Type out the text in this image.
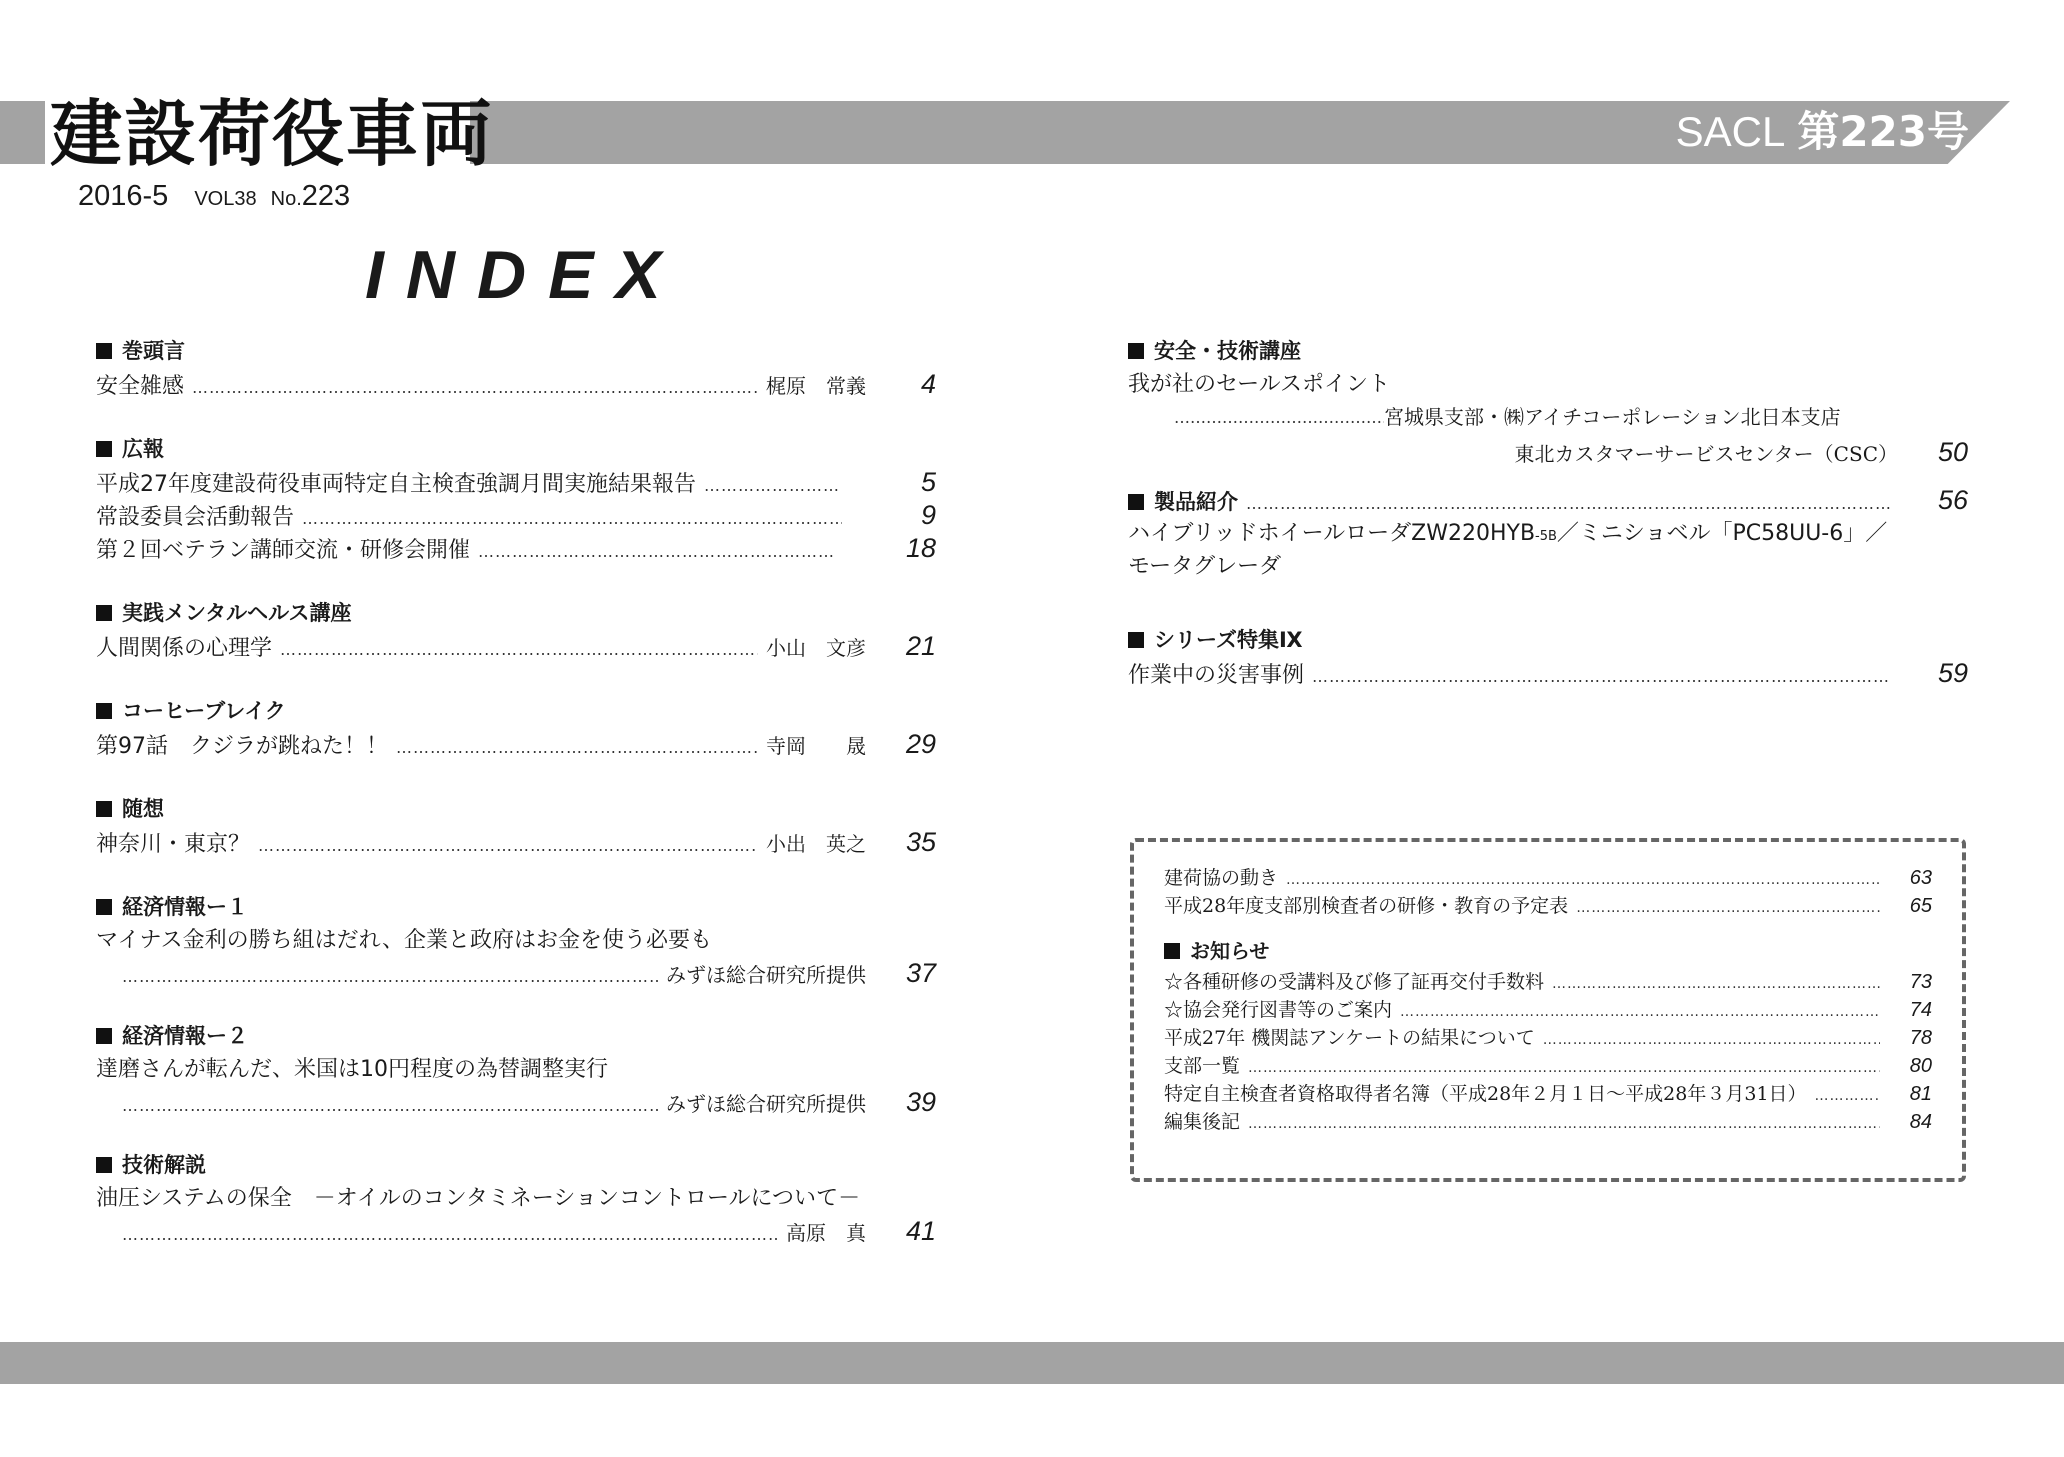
建設荷役車両	SACL 第223号
2016-5 VOL38 No.223
INDEX
巻頭言
安全雑感 …………………………………………………………………………………………………………………………………………………………………………………………………………………	梶原　常義	4
広報
平成27年度建設荷役車両特定自主検査強調月間実施結果報告 …………………………………………………………………………………………………………………………………………………………………………………………………………………	5
常設委員会活動報告 …………………………………………………………………………………………………………………………………………………………………………………………………………………	9
第２回ベテラン講師交流・研修会開催 …………………………………………………………………………………………………………………………………………………………………………………………………………………	18
実践メンタルヘルス講座
人間関係の心理学 …………………………………………………………………………………………………………………………………………………………………………………………………………………	小山　文彦	21
コーヒーブレイク
第97話　クジラが跳ねた！！ …………………………………………………………………………………………………………………………………………………………………………………………………………………	寺岡　　晟	29
随想
神奈川・東京？ …………………………………………………………………………………………………………………………………………………………………………………………………………………	小出　英之	35
経済情報ー１
マイナス金利の勝ち組はだれ、企業と政府はお金を使う必要も
…………………………………………………………………………………………………………………………………………………………………………………………………………………
みずほ総合研究所提供	37
経済情報ー２
達磨さんが転んだ、米国は10円程度の為替調整実行
…………………………………………………………………………………………………………………………………………………………………………………………………………………
みずほ総合研究所提供	39
技術解説
油圧システムの保全　－オイルのコンタミネーションコントロールについて－
…………………………………………………………………………………………………………………………………………………………………………………………………………………
高原　真	41
安全・技術講座
我が社のセールスポイント
…………………………………………………………………………
宮城県支部・㈱アイチコーポレーション北日本支店
東北カスタマーサービスセンター（CSC）	50
製品紹介 …………………………………………………………………………………………………………………………………………………………………………………………………………………	56
ハイブリッドホイールローダZW220HYB-5B／ミニショベル「PC58UU-6」／
モータグレーダ
シリーズ特集Ⅸ
作業中の災害事例 …………………………………………………………………………………………………………………………………………………………………………………………………………………	59
建荷協の動き …………………………………………………………………………………………………………………………………………………………………………………………………………………	63
平成28年度支部別検査者の研修・教育の予定表 …………………………………………………………………………………………………………………………………………………………………………………………………………………	65
お知らせ
☆各種研修の受講料及び修了証再交付手数料 …………………………………………………………………………………………………………………………………………………………………………………………………………………	73
☆協会発行図書等のご案内 …………………………………………………………………………………………………………………………………………………………………………………………………………………	74
平成27年 機関誌アンケートの結果について …………………………………………………………………………………………………………………………………………………………………………………………………………………	78
支部一覧 …………………………………………………………………………………………………………………………………………………………………………………………………………………	80
特定自主検査者資格取得者名簿（平成28年２月１日～平成28年３月31日） …………………………………………………………………………………………………………………………………………………………………………………………………………………	81
編集後記 …………………………………………………………………………………………………………………………………………………………………………………………………………………	84
